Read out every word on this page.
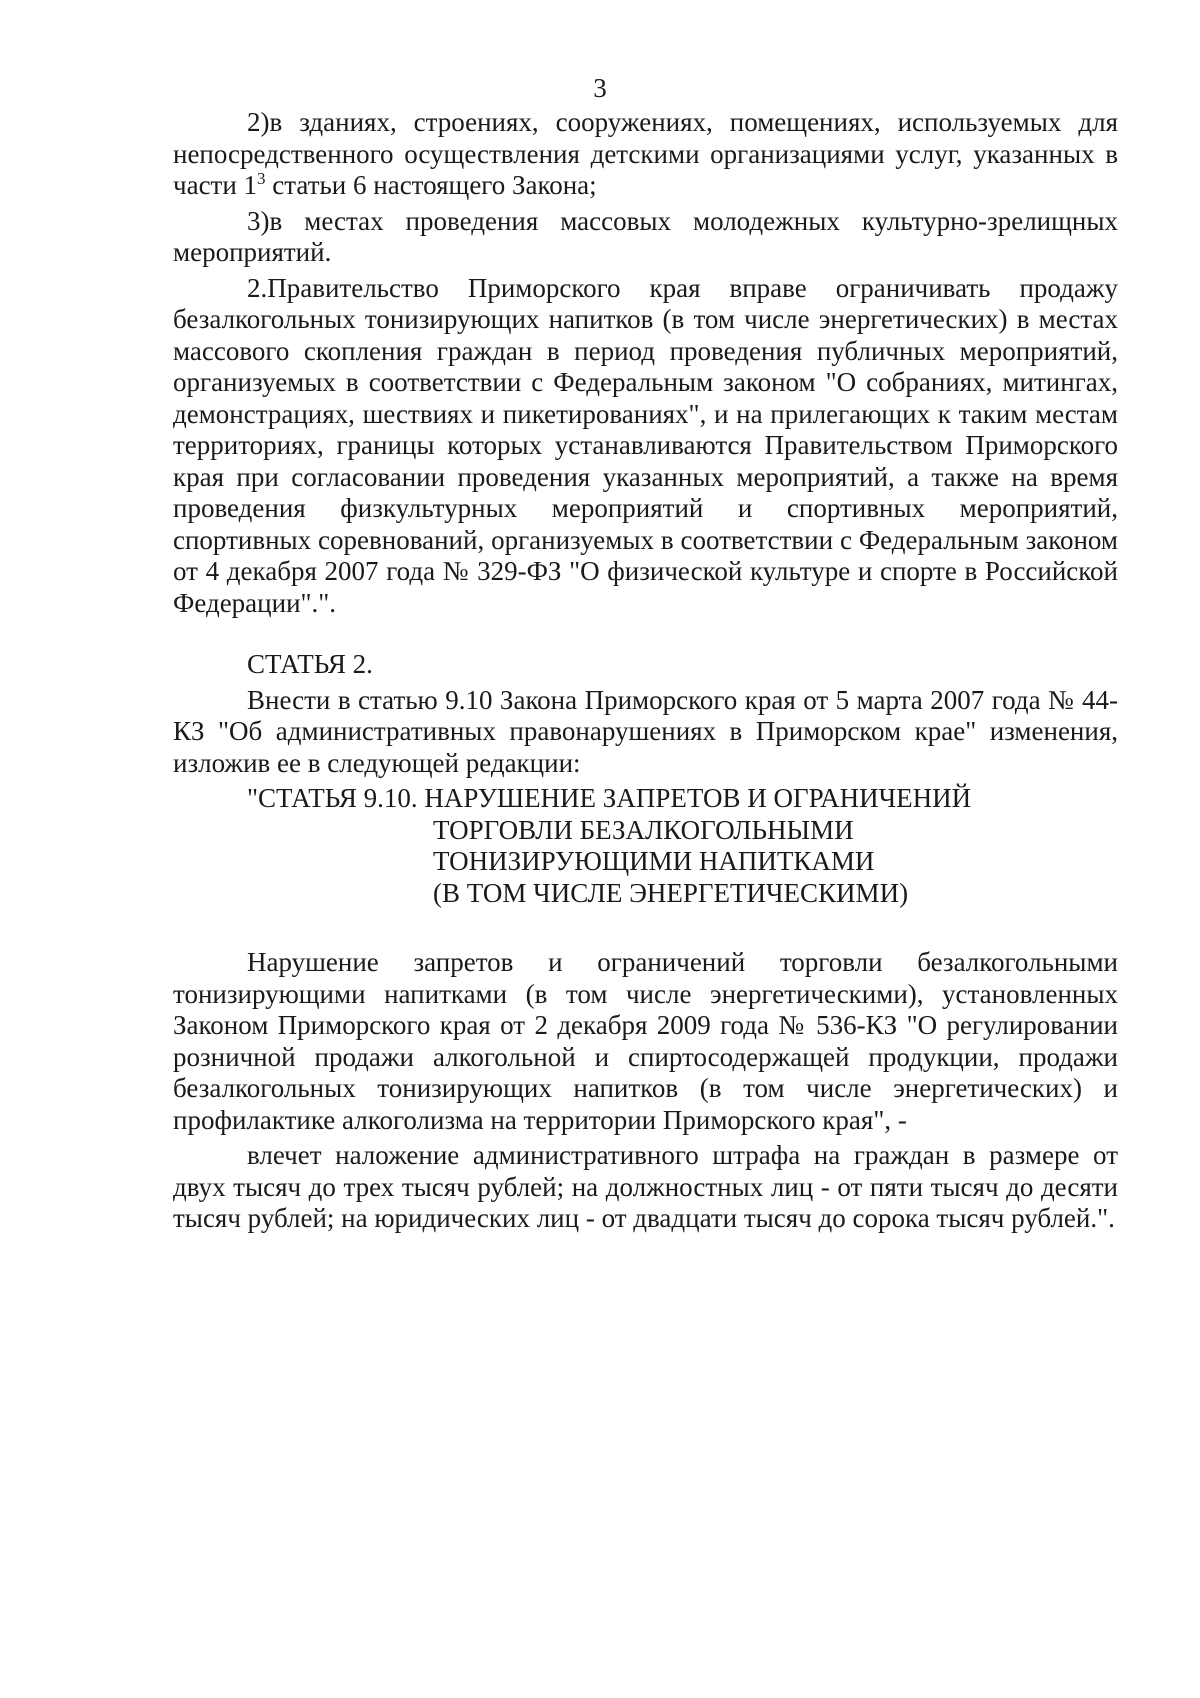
3

2)в зданиях, строениях, сооружениях, помещениях, используемых для непосредственного осуществления детскими организациями услуг, указанных в части $1^3$ статьи 6 настоящего Закона;

3)в местах проведения массовых молодежных культурно-зрелищных мероприятий.

2.Правительство Приморского края вправе ограничивать продажу безалкогольных тонизирующих напитков (в том числе энергетических) в местах массового скопления граждан в период проведения публичных мероприятий, организуемых в соответствии с Федеральным законом "О собраниях, митингах, демонстрациях, шествиях и пикетированиях", и на прилегающих к таким местам территориях, границы которых устанавливаются Правительством Приморского края при согласовании проведения указанных мероприятий, а также на время проведения физкультурных мероприятий и спортивных мероприятий, спортивных соревнований, организуемых в соответствии с Федеральным законом от 4 декабря 2007 года № 329-ФЗ "О физической культуре и спорте в Российской Федерации".".

СТАТЬЯ 2.

Внести в статью 9.10 Закона Приморского края от 5 марта 2007 года № 44-КЗ "Об административных правонарушениях в Приморском крае" изменения, изложив ее в следующей редакции:

"СТАТЬЯ 9.10. НАРУШЕНИЕ ЗАПРЕТОВ И ОГРАНИЧЕНИЙ
ТОРГОВЛИ БЕЗАЛКОГОЛЬНЫМИ
ТОНИЗИРУЮЩИМИ НАПИТКАМИ
(В ТОМ ЧИСЛЕ ЭНЕРГЕТИЧЕСКИМИ)

Нарушение запретов и ограничений торговли безалкогольными тонизирующими напитками (в том числе энергетическими), установленных Законом Приморского края от 2 декабря 2009 года № 536-КЗ "О регулировании розничной продажи алкогольной и спиртосодержащей продукции, продажи безалкогольных тонизирующих напитков (в том числе энергетических) и профилактике алкоголизма на территории Приморского края", -

влечет наложение административного штрафа на граждан в размере от двух тысяч до трех тысяч рублей; на должностных лиц - от пяти тысяч до десяти тысяч рублей; на юридических лиц - от двадцати тысяч до сорока тысяч рублей.".
